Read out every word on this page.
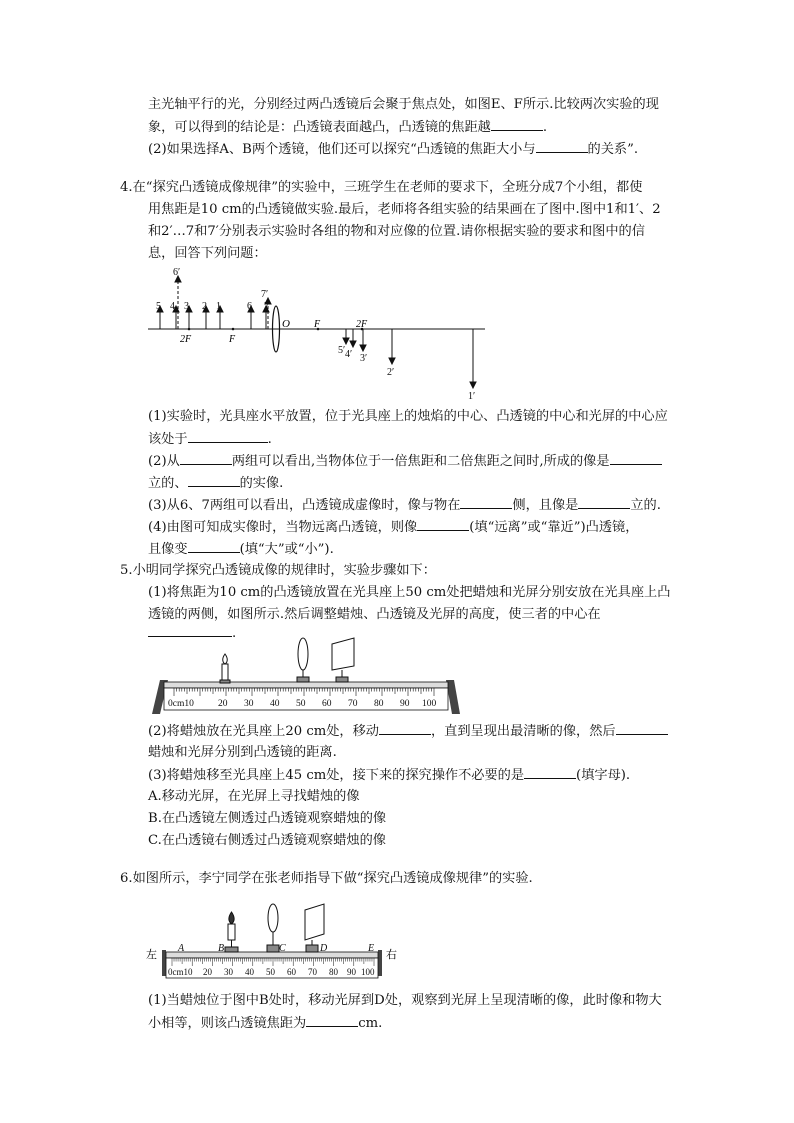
主光轴平行的光，分别经过两凸透镜后会聚于焦点处，如图E、F所示.比较两次实验的现
象，可以得到的结论是：凸透镜表面越凸，凸透镜的焦距越	.
(2)如果选择A、B两个透镜，他们还可以探究“凸透镜的焦距大小与	的关系”.
4.在“探究凸透镜成像规律”的实验中，三班学生在老师的要求下，全班分成7个小组，都使
用焦距是10 cm的凸透镜做实验.最后，老师将各组实验的结果画在了图中.图中1和1′、2
和2′…7和7′分别表示实验时各组的物和对应像的位置.请你根据实验的要求和图中的信
息，回答下列问题：
5 4 3 2 1	6 7
6′
7′
O
2F	F
F	2F
5′ 4′ 3′
2′
1′
(1)实验时，光具座水平放置，位于光具座上的烛焰的中心、凸透镜的中心和光屏的中心应
该处于	.
(2)从	两组可以看出,当物体位于一倍焦距和二倍焦距之间时,所成的像是
立的、	的实像.
(3)从6、7两组可以看出，凸透镜成虚像时，像与物在	侧，且像是	立的.
(4)由图可知成实像时，当物远离凸透镜，则像	(填“远离”或“靠近”)凸透镜，
且像变	(填“大”或“小”).
5.小明同学探究凸透镜成像的规律时，实验步骤如下：
(1)将焦距为10 cm的凸透镜放置在光具座上50 cm处把蜡烛和光屏分别安放在光具座上凸
透镜的两侧，如图所示.然后调整蜡烛、凸透镜及光屏的高度，使三者的中心在
.
0cm10	20 30 40 50 60 70 80 90 100
(2)将蜡烛放在光具座上20 cm处，移动	，直到呈现出最清晰的像，然后
蜡烛和光屏分别到凸透镜的距离.
(3)将蜡烛移至光具座上45 cm处，接下来的探究操作不必要的是	(填字母).
A.移动光屏，在光屏上寻找蜡烛的像
B.在凸透镜左侧透过凸透镜观察蜡烛的像
C.在凸透镜右侧透过凸透镜观察蜡烛的像
6.如图所示，李宁同学在张老师指导下做“探究凸透镜成像规律”的实验.
左	右
0cm10 20 30 40 50 60 70 80 90 100
A	B	C	D	E
(1)当蜡烛位于图中B处时，移动光屏到D处，观察到光屏上呈现清晰的像，此时像和物大
小相等，则该凸透镜焦距为	cm.
